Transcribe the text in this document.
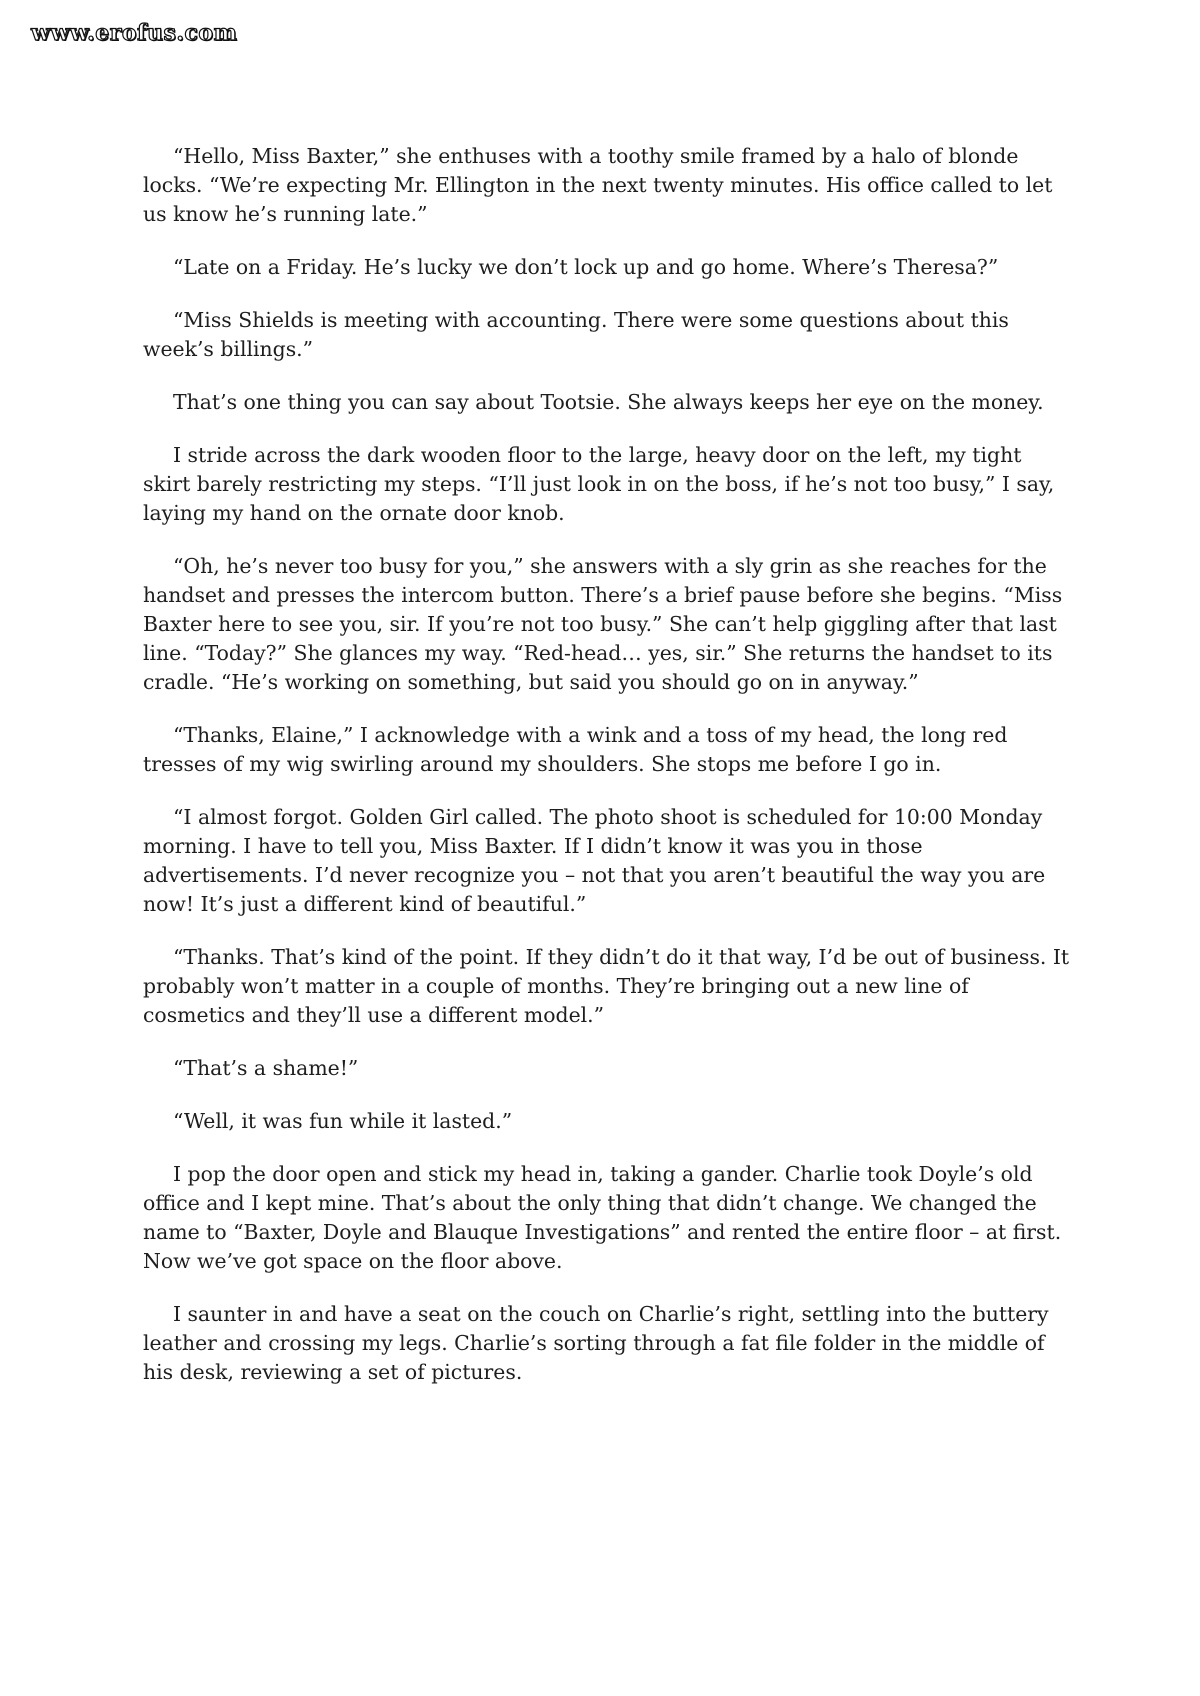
www.erofus.com

“Hello, Miss Baxter,” she enthuses with a toothy smile framed by a halo of blonde locks. “We’re expecting Mr. Ellington in the next twenty minutes. His office called to let us know he’s running late.”

“Late on a Friday. He’s lucky we don’t lock up and go home. Where’s Theresa?”

“Miss Shields is meeting with accounting. There were some questions about this week’s billings.”

That’s one thing you can say about Tootsie. She always keeps her eye on the money.

I stride across the dark wooden floor to the large, heavy door on the left, my tight skirt barely restricting my steps. “I’ll just look in on the boss, if he’s not too busy,” I say, laying my hand on the ornate door knob.

“Oh, he’s never too busy for you,” she answers with a sly grin as she reaches for the handset and presses the intercom button. There’s a brief pause before she begins. “Miss Baxter here to see you, sir. If you’re not too busy.” She can’t help giggling after that last line. “Today?” She glances my way. “Red-head… yes, sir.” She returns the handset to its cradle. “He’s working on something, but said you should go on in anyway.”

“Thanks, Elaine,” I acknowledge with a wink and a toss of my head, the long red tresses of my wig swirling around my shoulders. She stops me before I go in.

“I almost forgot. Golden Girl called. The photo shoot is scheduled for 10:00 Monday morning. I have to tell you, Miss Baxter. If I didn’t know it was you in those advertisements. I’d never recognize you – not that you aren’t beautiful the way you are now! It’s just a different kind of beautiful.”

“Thanks. That’s kind of the point. If they didn’t do it that way, I’d be out of business. It probably won’t matter in a couple of months. They’re bringing out a new line of cosmetics and they’ll use a different model.”

“That’s a shame!”

“Well, it was fun while it lasted.”

I pop the door open and stick my head in, taking a gander. Charlie took Doyle’s old office and I kept mine. That’s about the only thing that didn’t change. We changed the name to “Baxter, Doyle and Blauque Investigations” and rented the entire floor – at first. Now we’ve got space on the floor above.

I saunter in and have a seat on the couch on Charlie’s right, settling into the buttery leather and crossing my legs. Charlie’s sorting through a fat file folder in the middle of his desk, reviewing a set of pictures.
